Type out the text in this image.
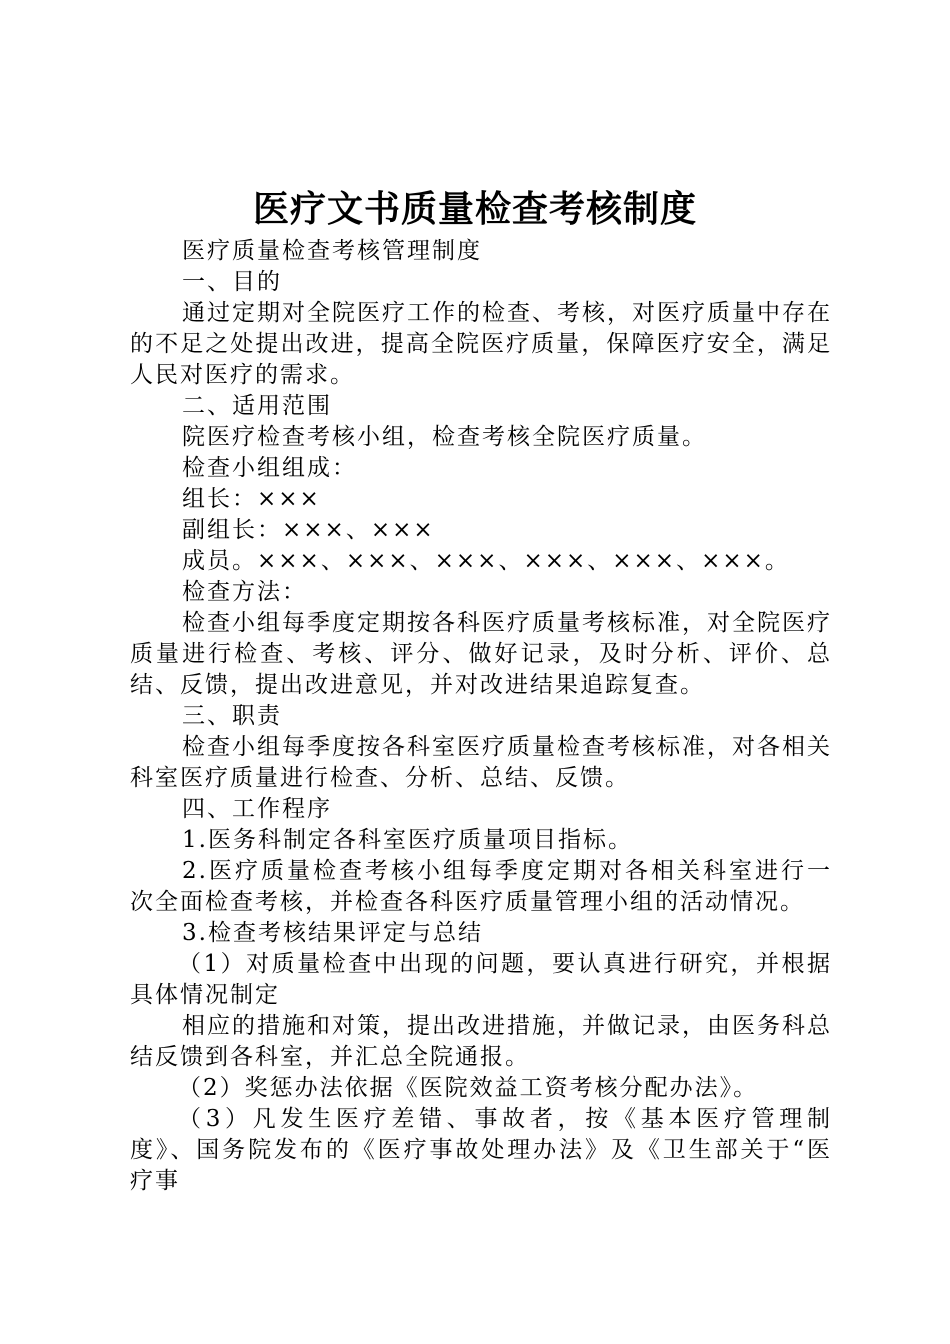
医疗文书质量检查考核制度

医疗质量检查考核管理制度

一、目的

通过定期对全院医疗工作的检查、考核，对医疗质量中存在的不足之处提出改进，提高全院医疗质量，保障医疗安全，满足人民对医疗的需求。

二、适用范围

院医疗检查考核小组，检查考核全院医疗质量。

检查小组组成：

组长：×××

副组长：×××、×××

成员。×××、×××、×××、×××、×××、×××。

检查方法：

检查小组每季度定期按各科医疗质量考核标准，对全院医疗质量进行检查、考核、评分、做好记录，及时分析、评价、总结、反馈，提出改进意见，并对改进结果追踪复查。

三、职责

检查小组每季度按各科室医疗质量检查考核标准，对各相关科室医疗质量进行检查、分析、总结、反馈。

四、工作程序

1.医务科制定各科室医疗质量项目指标。

2.医疗质量检查考核小组每季度定期对各相关科室进行一次全面检查考核，并检查各科医疗质量管理小组的活动情况。

3.检查考核结果评定与总结

（1）对质量检查中出现的问题，要认真进行研究，并根据具体情况制定

相应的措施和对策，提出改进措施，并做记录，由医务科总结反馈到各科室，并汇总全院通报。

（2）奖惩办法依据《医院效益工资考核分配办法》。

（3）凡发生医疗差错、事故者，按《基本医疗管理制度》、国务院发布的《医疗事故处理办法》及《卫生部关于“医疗事
